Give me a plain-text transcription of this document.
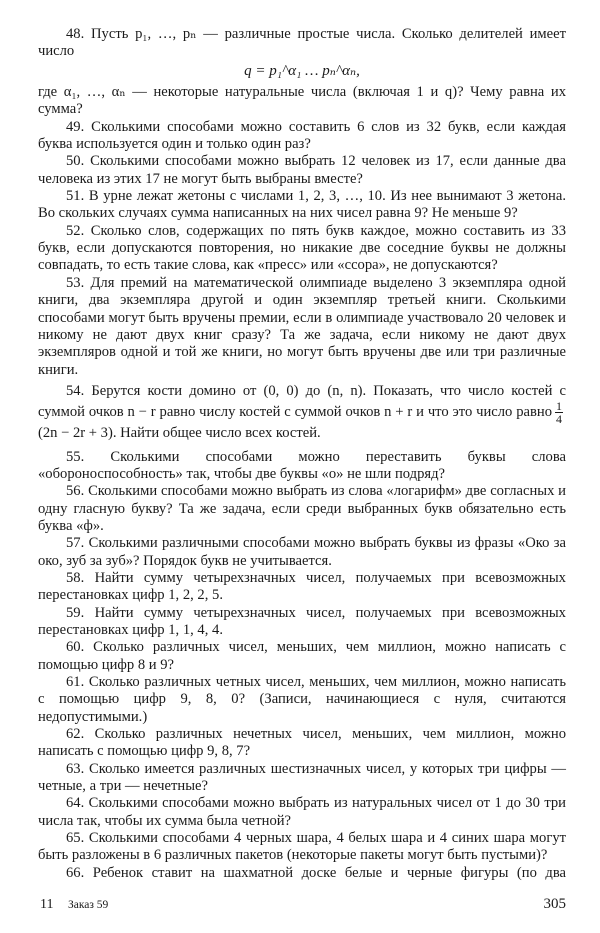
48. Пусть p₁, …, pₙ — различные простые числа. Сколько делителей имеет число

q = p₁^α₁ … pₙ^αₙ,

где α₁, …, αₙ — некоторые натуральные числа (включая 1 и q)? Чему равна их сумма?

49. Сколькими способами можно составить 6 слов из 32 букв, если каждая буква используется один и только один раз?

50. Сколькими способами можно выбрать 12 человек из 17, если данные два человека из этих 17 не могут быть выбраны вместе?

51. В урне лежат жетоны с числами 1, 2, 3, …, 10. Из нее вынимают 3 жетона. Во скольких случаях сумма написанных на них чисел равна 9? Не меньше 9?

52. Сколько слов, содержащих по пять букв каждое, можно составить из 33 букв, если допускаются повторения, но никакие две соседние буквы не должны совпадать, то есть такие слова, как «пресс» или «ссора», не допускаются?

53. Для премий на математической олимпиаде выделено 3 экземпляра одной книги, два экземпляра другой и один экземпляр третьей книги. Сколькими способами могут быть вручены премии, если в олимпиаде участвовало 20 человек и никому не дают двух книг сразу? Та же задача, если никому не дают двух экземпляров одной и той же книги, но могут быть вручены две или три различные книги.

54. Берутся кости домино от (0, 0) до (n, n). Показать, что число костей с суммой очков n − r равно числу костей с суммой очков n + r и что это число равно $\frac{1}{4}$
(2n − 2r + 3). Найти общее число всех костей.

55. Сколькими способами можно переставить буквы слова «обороноспособность» так, чтобы две буквы «о» не шли подряд?

56. Сколькими способами можно выбрать из слова «логарифм» две согласных и одну гласную букву? Та же задача, если среди выбранных букв обязательно есть буква «ф».

57. Сколькими различными способами можно выбрать буквы из фразы «Око за око, зуб за зуб»? Порядок букв не учитывается.

58. Найти сумму четырехзначных чисел, получаемых при всевозможных перестановках цифр 1, 2, 2, 5.

59. Найти сумму четырехзначных чисел, получаемых при всевозможных перестановках цифр 1, 1, 4, 4.

60. Сколько различных чисел, меньших, чем миллион, можно написать с помощью цифр 8 и 9?

61. Сколько различных четных чисел, меньших, чем миллион, можно написать с помощью цифр 9, 8, 0? (Записи, начинающиеся с нуля, считаются недопустимыми.)

62. Сколько различных нечетных чисел, меньших, чем миллион, можно написать с помощью цифр 9, 8, 7?

63. Сколько имеется различных шестизначных чисел, у которых три цифры — четные, а три — нечетные?

64. Сколькими способами можно выбрать из натуральных чисел от 1 до 30 три числа так, чтобы их сумма была четной?

65. Сколькими способами 4 черных шара, 4 белых шара и 4 синих шара могут быть разложены в 6 различных пакетов (некоторые пакеты могут быть пустыми)?

66. Ребенок ставит на шахматной доске белые и черные фигуры (по два

11	Заказ 59	305
